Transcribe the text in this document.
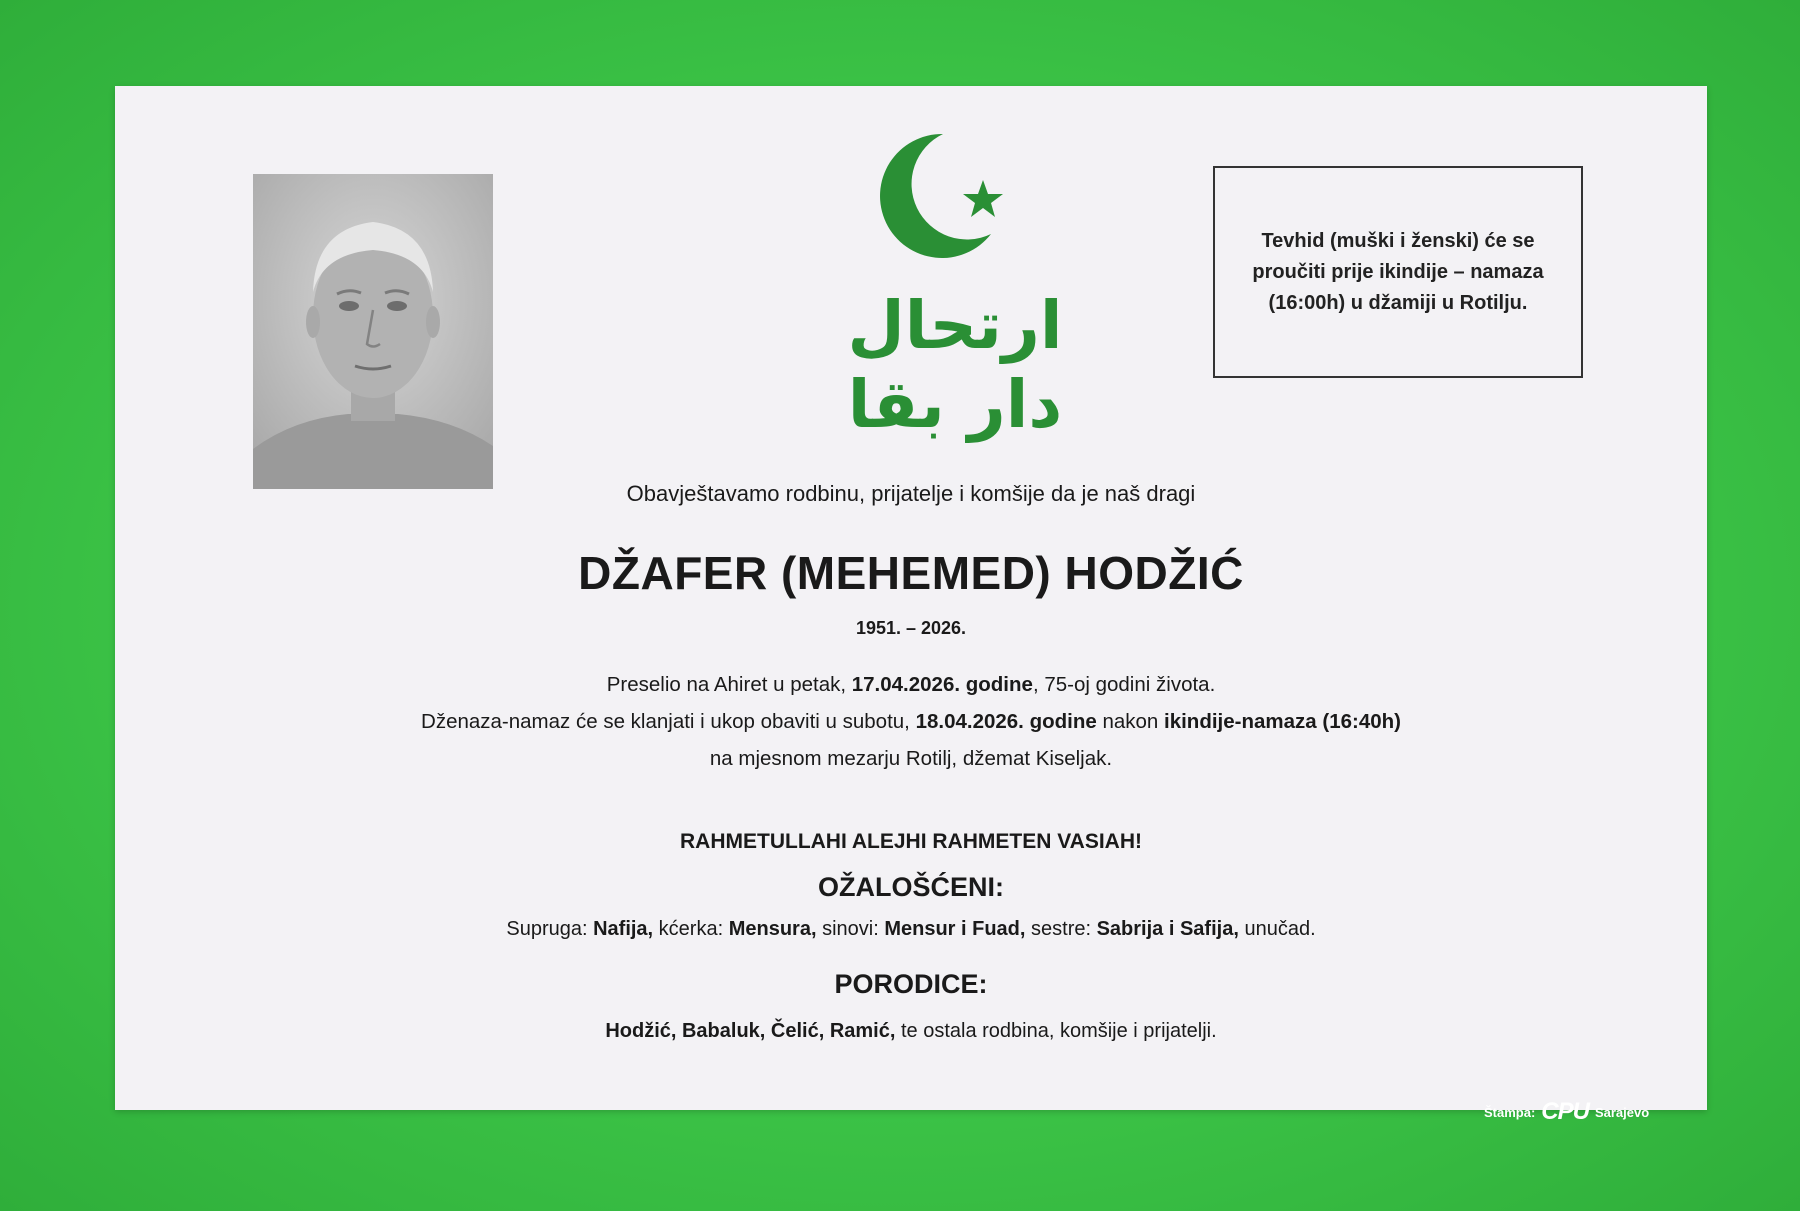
ارتحال دار بقا

Tevhid (muški i ženski) će se
proučiti prije ikindije – namaza
(16:00h) u džamiji u Rotilju.

Obavještavamo rodbinu, prijatelje i komšije da je naš dragi
DŽAFER (MEHEMED) HODŽIĆ
1951. – 2026.
Preselio na Ahiret u petak, 17.04.2026. godine, 75-oj godini života.
Dženaza-namaz će se klanjati i ukop obaviti u subotu, 18.04.2026. godine nakon ikindije-namaza (16:40h)
na mjesnom mezarju Rotilj, džemat Kiseljak.
RAHMETULLAHI ALEJHI RAHMETEN VASIAH!
OŽALOŠĆENI:
Supruga: Nafija, kćerka: Mensura, sinovi: Mensur i Fuad, sestre: Sabrija i Safija, unučad.
PORODICE:
Hodžić, Babaluk, Čelić, Ramić, te ostala rodbina, komšije i prijatelji.
Štampa: CPU Sarajevo
